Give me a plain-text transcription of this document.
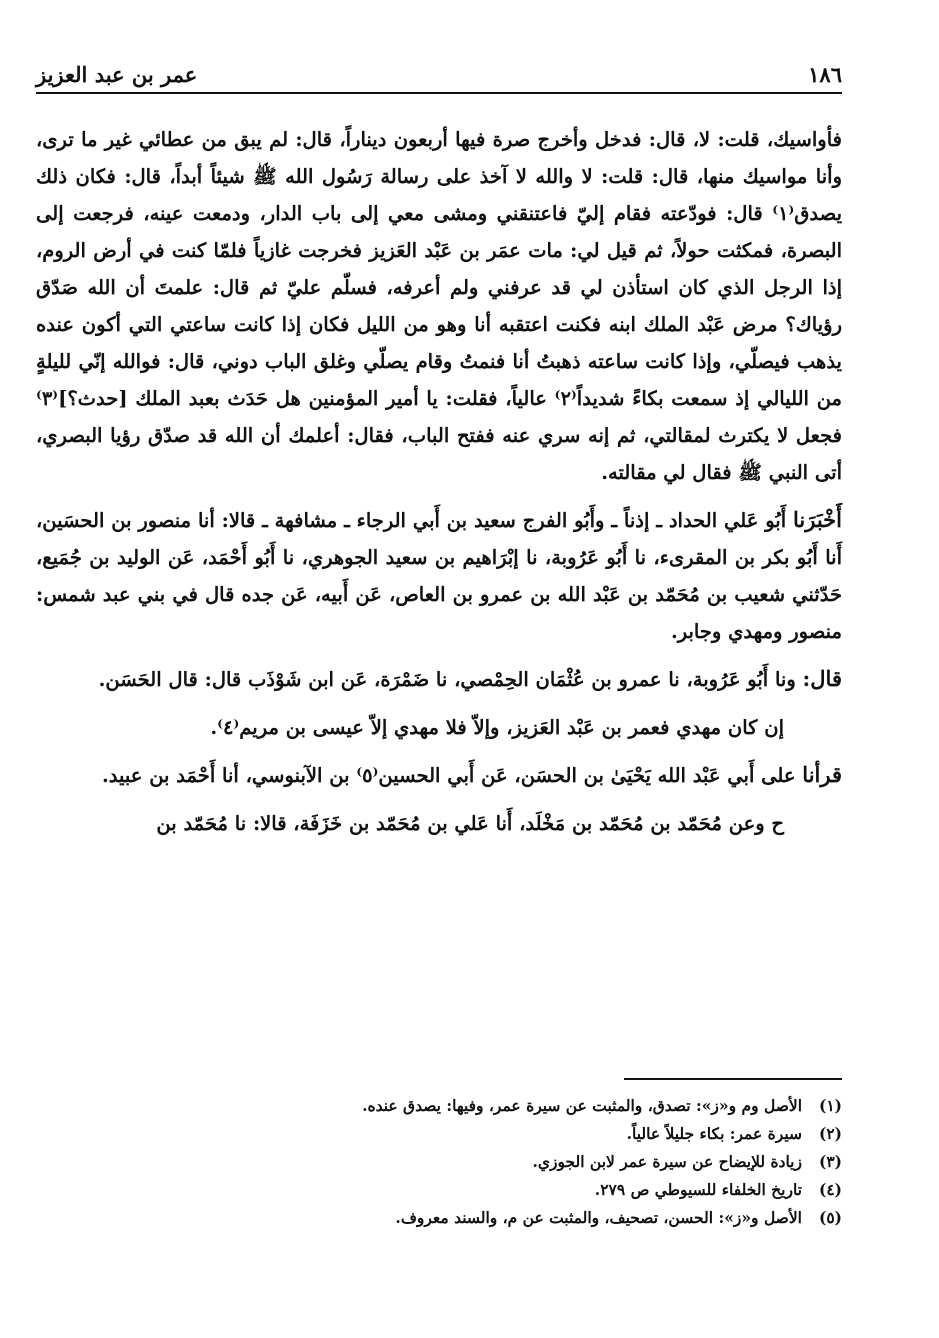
١٨٦
عمر بن عبد العزيز

فأواسيك، قلت: لا، قال: فدخل وأخرج صرة فيها أربعون ديناراً، قال: لم يبق من عطائي غير ما ترى، وأنا مواسيك منها، قال: قلت: لا والله لا آخذ على رسالة رَسُول الله ﷺ شيئاً أبداً، قال: فكان ذلك يصدق⁽١⁾ قال: فودّعته فقام إليّ فاعتنقني ومشى معي إلى باب الدار، ودمعت عينه، فرجعت إلى البصرة، فمكثت حولاً، ثم قيل لي: مات عمَر بن عَبْد العَزيز فخرجت غازياً فلمّا كنت في أرض الروم، إذا الرجل الذي كان استأذن لي قد عرفني ولم أعرفه، فسلّم عليّ ثم قال: علمتَ أن الله صَدّق رؤياك؟ مرض عَبْد الملك ابنه فكنت اعتقبه أنا وهو من الليل فكان إذا كانت ساعتي التي أكون عنده يذهب فيصلّي، وإذا كانت ساعته ذهبتُ أنا فنمتُ وقام يصلّي وغلق الباب دوني، قال: فوالله إنّي لليلةٍ من الليالي إذ سمعت بكاءً شديداً⁽٢⁾ عالياً، فقلت: يا أمير المؤمنين هل حَدَث بعبد الملك [حدث؟]⁽٣⁾ فجعل لا يكترث لمقالتي، ثم إنه سري عنه ففتح الباب، فقال: أعلمك أن الله قد صدّق رؤيا البصري، أتى النبي ﷺ فقال لي مقالته.

أَخْبَرَنا أَبُو عَلي الحداد ـ إذناً ـ وأَبُو الفرج سعيد بن أَبي الرجاء ـ مشافهة ـ قالا: أنا منصور بن الحسَين، أَنا أَبُو بكر بن المقرىء، نا أَبُو عَرُوبة، نا إبْرَاهيم بن سعيد الجوهري، نا أَبُو أَحْمَد، عَن الوليد بن جُمَيع، حَدّثني شعيب بن مُحَمّد بن عَبْد الله بن عمرو بن العاص، عَن أَبيه، عَن جده قال في بني عبد شمس: منصور ومهدي وجابر.

قال: ونا أَبُو عَرُوبة، نا عمرو بن عُثْمَان الحِمْصي، نا ضَمْرَة، عَن ابن شَوْذَب قال: قال الحَسَن.

إن كان مهدي فعمر بن عَبْد العَزيز، وإلاّ فلا مهدي إلاّ عيسى بن مريم⁽٤⁾.

قرأنا على أَبي عَبْد الله يَحْيَىٰ بن الحسَن، عَن أَبي الحسين⁽٥⁾ بن الآبنوسي، أنا أَحْمَد بن عبيد.

ح وعن مُحَمّد بن مُحَمّد بن مَخْلَد، أَنا عَلي بن مُحَمّد بن خَزَفَة، قالا: نا مُحَمّد بن

(١)
الأصل وم و«ز»: تصدق، والمثبت عن سيرة عمر، وفيها: يصدق عنده.
(٢)
سيرة عمر: بكاء جليلاً عالياً.
(٣)
زيادة للإيضاح عن سيرة عمر لابن الجوزي.
(٤)
تاريخ الخلفاء للسيوطي ص ٢٧٩.
(٥)
الأصل و«ز»: الحسن، تصحيف، والمثبت عن م، والسند معروف.
